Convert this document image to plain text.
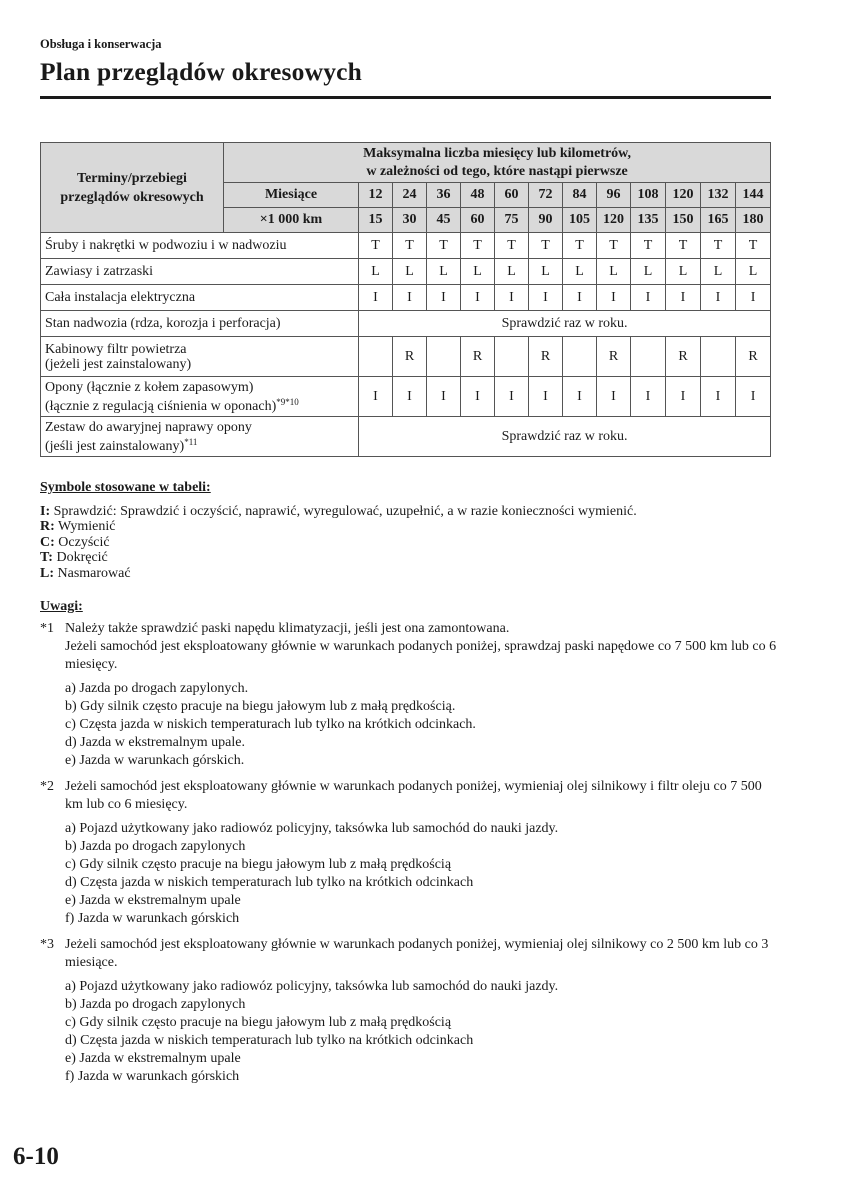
Obsługa i konserwacja
Plan przeglądów okresowych
Terminy/przebiegi przeglądów okresowych	Maksymalna liczba miesięcy lub kilometrów,
w zależności od tego, które nastąpi pierwsze												

	Miesiące	12	24	36	48	60	72	84	96	108	120	132	144
	×1 000 km	15	30	45	60	75	90	105	120	135	150	165	180
Śruby i nakrętki w podwoziu i w nadwoziu		T	T	T	T	T	T	T	T	T	T	T	T
Zawiasy i zatrzaski		L	L	L	L	L	L	L	L	L	L	L	L
Cała instalacja elektryczna		I	I	I	I	I	I	I	I	I	I	I	I
Stan nadwozia (rdza, korozja i perforacja)		Sprawdzić raz w roku.											

Kabinowy filtr powietrza
(jeżeli jest zainstalowany)			R		R		R		R		R		R

Opony (łącznie z kołem zapasowym)
(łącznie z regulacją ciśnienia w oponach)$^{*9*10}$		I	I	I	I	I	I	I	I	I	I	I	I

Zestaw do awaryjnej naprawy opony
(jeśli jest zainstalowany)$^{*11}$		Sprawdzić raz w roku.											
Symbole stosowane w tabeli:
I: Sprawdzić: Sprawdzić i oczyścić, naprawić, wyregulować, uzupełnić, a w razie konieczności wymienić.
R: Wymienić
C: Oczyścić
T: Dokręcić
L: Nasmarować
Uwagi:
*1 Należy także sprawdzić paski napędu klimatyzacji, jeśli jest ona zamontowana.

Jeżeli samochód jest eksploatowany głównie w warunkach podanych poniżej, sprawdzaj paski napędowe co 7 500 km lub co 6 miesięcy.

a) Jazda po drogach zapylonych.
b) Gdy silnik często pracuje na biegu jałowym lub z małą prędkością.
c) Częsta jazda w niskich temperaturach lub tylko na krótkich odcinkach.
d) Jazda w ekstremalnym upale.
e) Jazda w warunkach górskich.
*2 Jeżeli samochód jest eksploatowany głównie w warunkach podanych poniżej, wymieniaj olej silnikowy i filtr oleju co 7 500 km lub co 6 miesięcy.

a) Pojazd użytkowany jako radiowóz policyjny, taksówka lub samochód do nauki jazdy.
b) Jazda po drogach zapylonych
c) Gdy silnik często pracuje na biegu jałowym lub z małą prędkością
d) Częsta jazda w niskich temperaturach lub tylko na krótkich odcinkach
e) Jazda w ekstremalnym upale
f) Jazda w warunkach górskich
*3 Jeżeli samochód jest eksploatowany głównie w warunkach podanych poniżej, wymieniaj olej silnikowy co 2 500 km lub co 3 miesiące.

a) Pojazd użytkowany jako radiowóz policyjny, taksówka lub samochód do nauki jazdy.
b) Jazda po drogach zapylonych
c) Gdy silnik często pracuje na biegu jałowym lub z małą prędkością
d) Częsta jazda w niskich temperaturach lub tylko na krótkich odcinkach
e) Jazda w ekstremalnym upale
f) Jazda w warunkach górskich
6-10
